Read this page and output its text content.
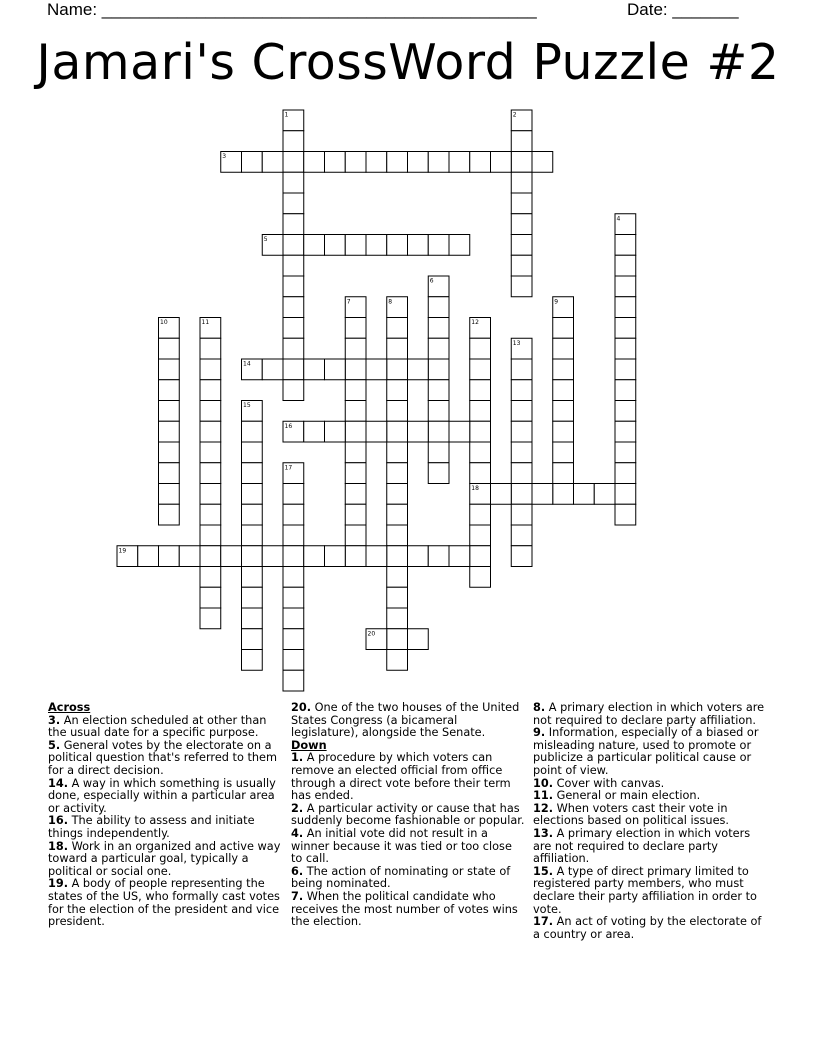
Name: ______________________________________________	Date: _______
Jamari's CrossWord Puzzle #2
1	2
3
4
5
6
7	8	9
10	11	12
13
14
15
16
17
18
19
20
Across
3. An election scheduled at other than the usual date for a specific purpose.
5. General votes by the electorate on a political question that's referred to them for a direct decision.
14. A way in which something is usually done, especially within a particular area or activity.
16. The ability to assess and initiate things independently.
18. Work in an organized and active way toward a particular goal, typically a political or social one.
19. A body of people representing the states of the US, who formally cast votes for the election of the president and vice president.
20. One of the two houses of the United States Congress (a bicameral legislature), alongside the Senate.
Down
1. A procedure by which voters can remove an elected official from office through a direct vote before their term has ended.
2. A particular activity or cause that has suddenly become fashionable or popular.
4. An initial vote did not result in a winner because it was tied or too close to call.
6. The action of nominating or state of being nominated.
7. When the political candidate who receives the most number of votes wins the election.
8. A primary election in which voters are not required to declare party affiliation.
9. Information, especially of a biased or misleading nature, used to promote or publicize a particular political cause or point of view.
10. Cover with canvas.
11. General or main election.
12. When voters cast their vote in elections based on political issues.
13. A primary election in which voters are not required to declare party affiliation.
15. A type of direct primary limited to registered party members, who must declare their party affiliation in order to vote.
17. An act of voting by the electorate of a country or area.
